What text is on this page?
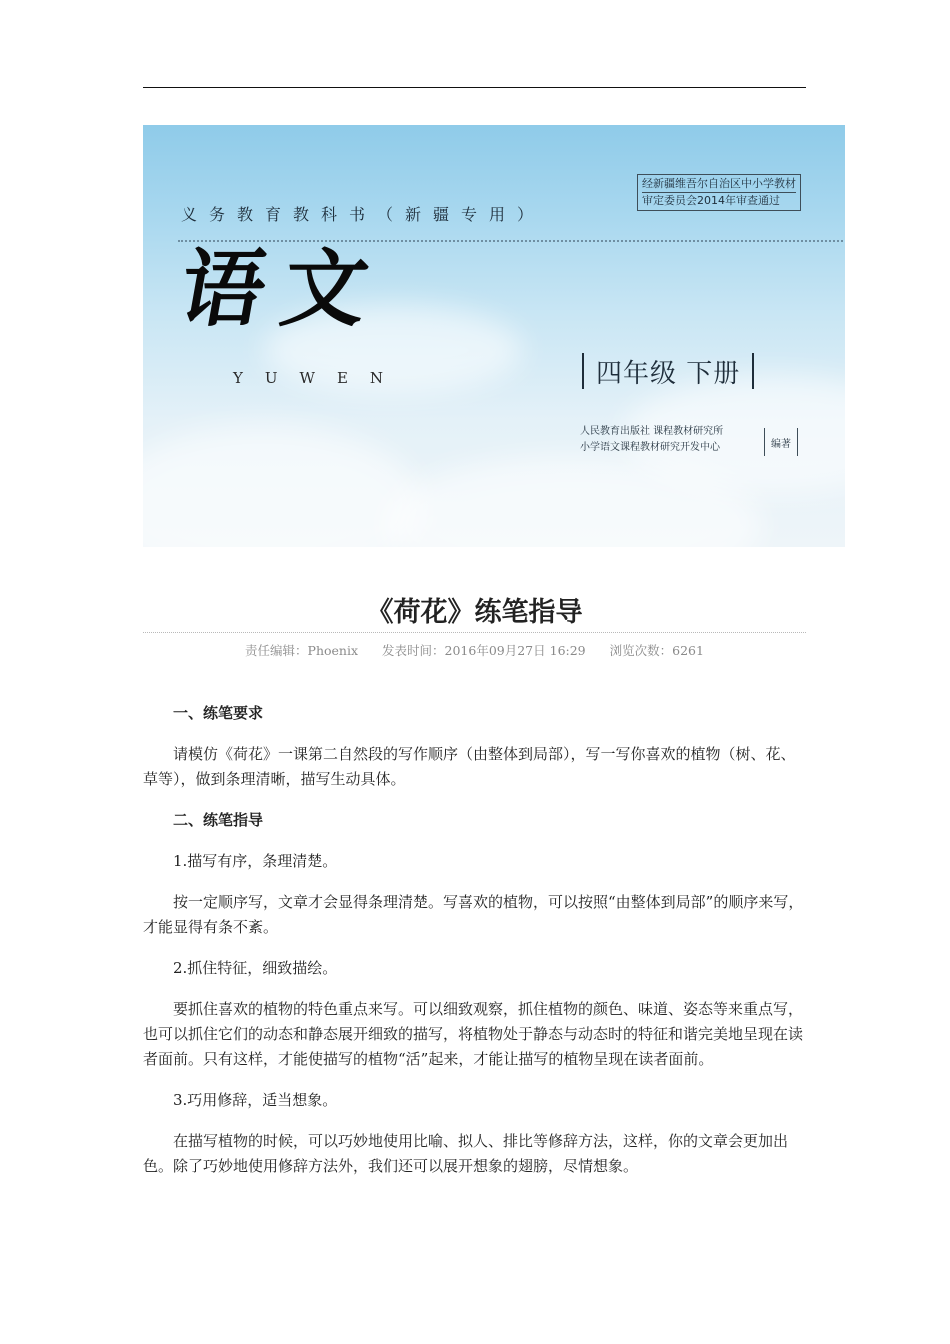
义务教育教科书（新疆专用）
经新疆维吾尔自治区中小学教材
审定委员会2014年审查通过
语文
YUWEN	四年级 下册
人民教育出版社 课程教材研究所
小学语文课程教材研究开发中心	编著
《荷花》练笔指导
责任编辑：Phoenix 发表时间：2016年09月27日 16:29 浏览次数：6261

一、练笔要求

请模仿《荷花》一课第二自然段的写作顺序（由整体到局部），写一写你喜欢的植物（树、花、草等），做到条理清晰，描写生动具体。

二、练笔指导

1.描写有序，条理清楚。

按一定顺序写，文章才会显得条理清楚。写喜欢的植物，可以按照“由整体到局部”的顺序来写，才能显得有条不紊。

2.抓住特征，细致描绘。

要抓住喜欢的植物的特色重点来写。可以细致观察，抓住植物的颜色、味道、姿态等来重点写，也可以抓住它们的动态和静态展开细致的描写，将植物处于静态与动态时的特征和谐完美地呈现在读者面前。只有这样，才能使描写的植物“活”起来，才能让描写的植物呈现在读者面前。

3.巧用修辞，适当想象。

在描写植物的时候，可以巧妙地使用比喻、拟人、排比等修辞方法，这样，你的文章会更加出色。除了巧妙地使用修辞方法外，我们还可以展开想象的翅膀，尽情想象。
